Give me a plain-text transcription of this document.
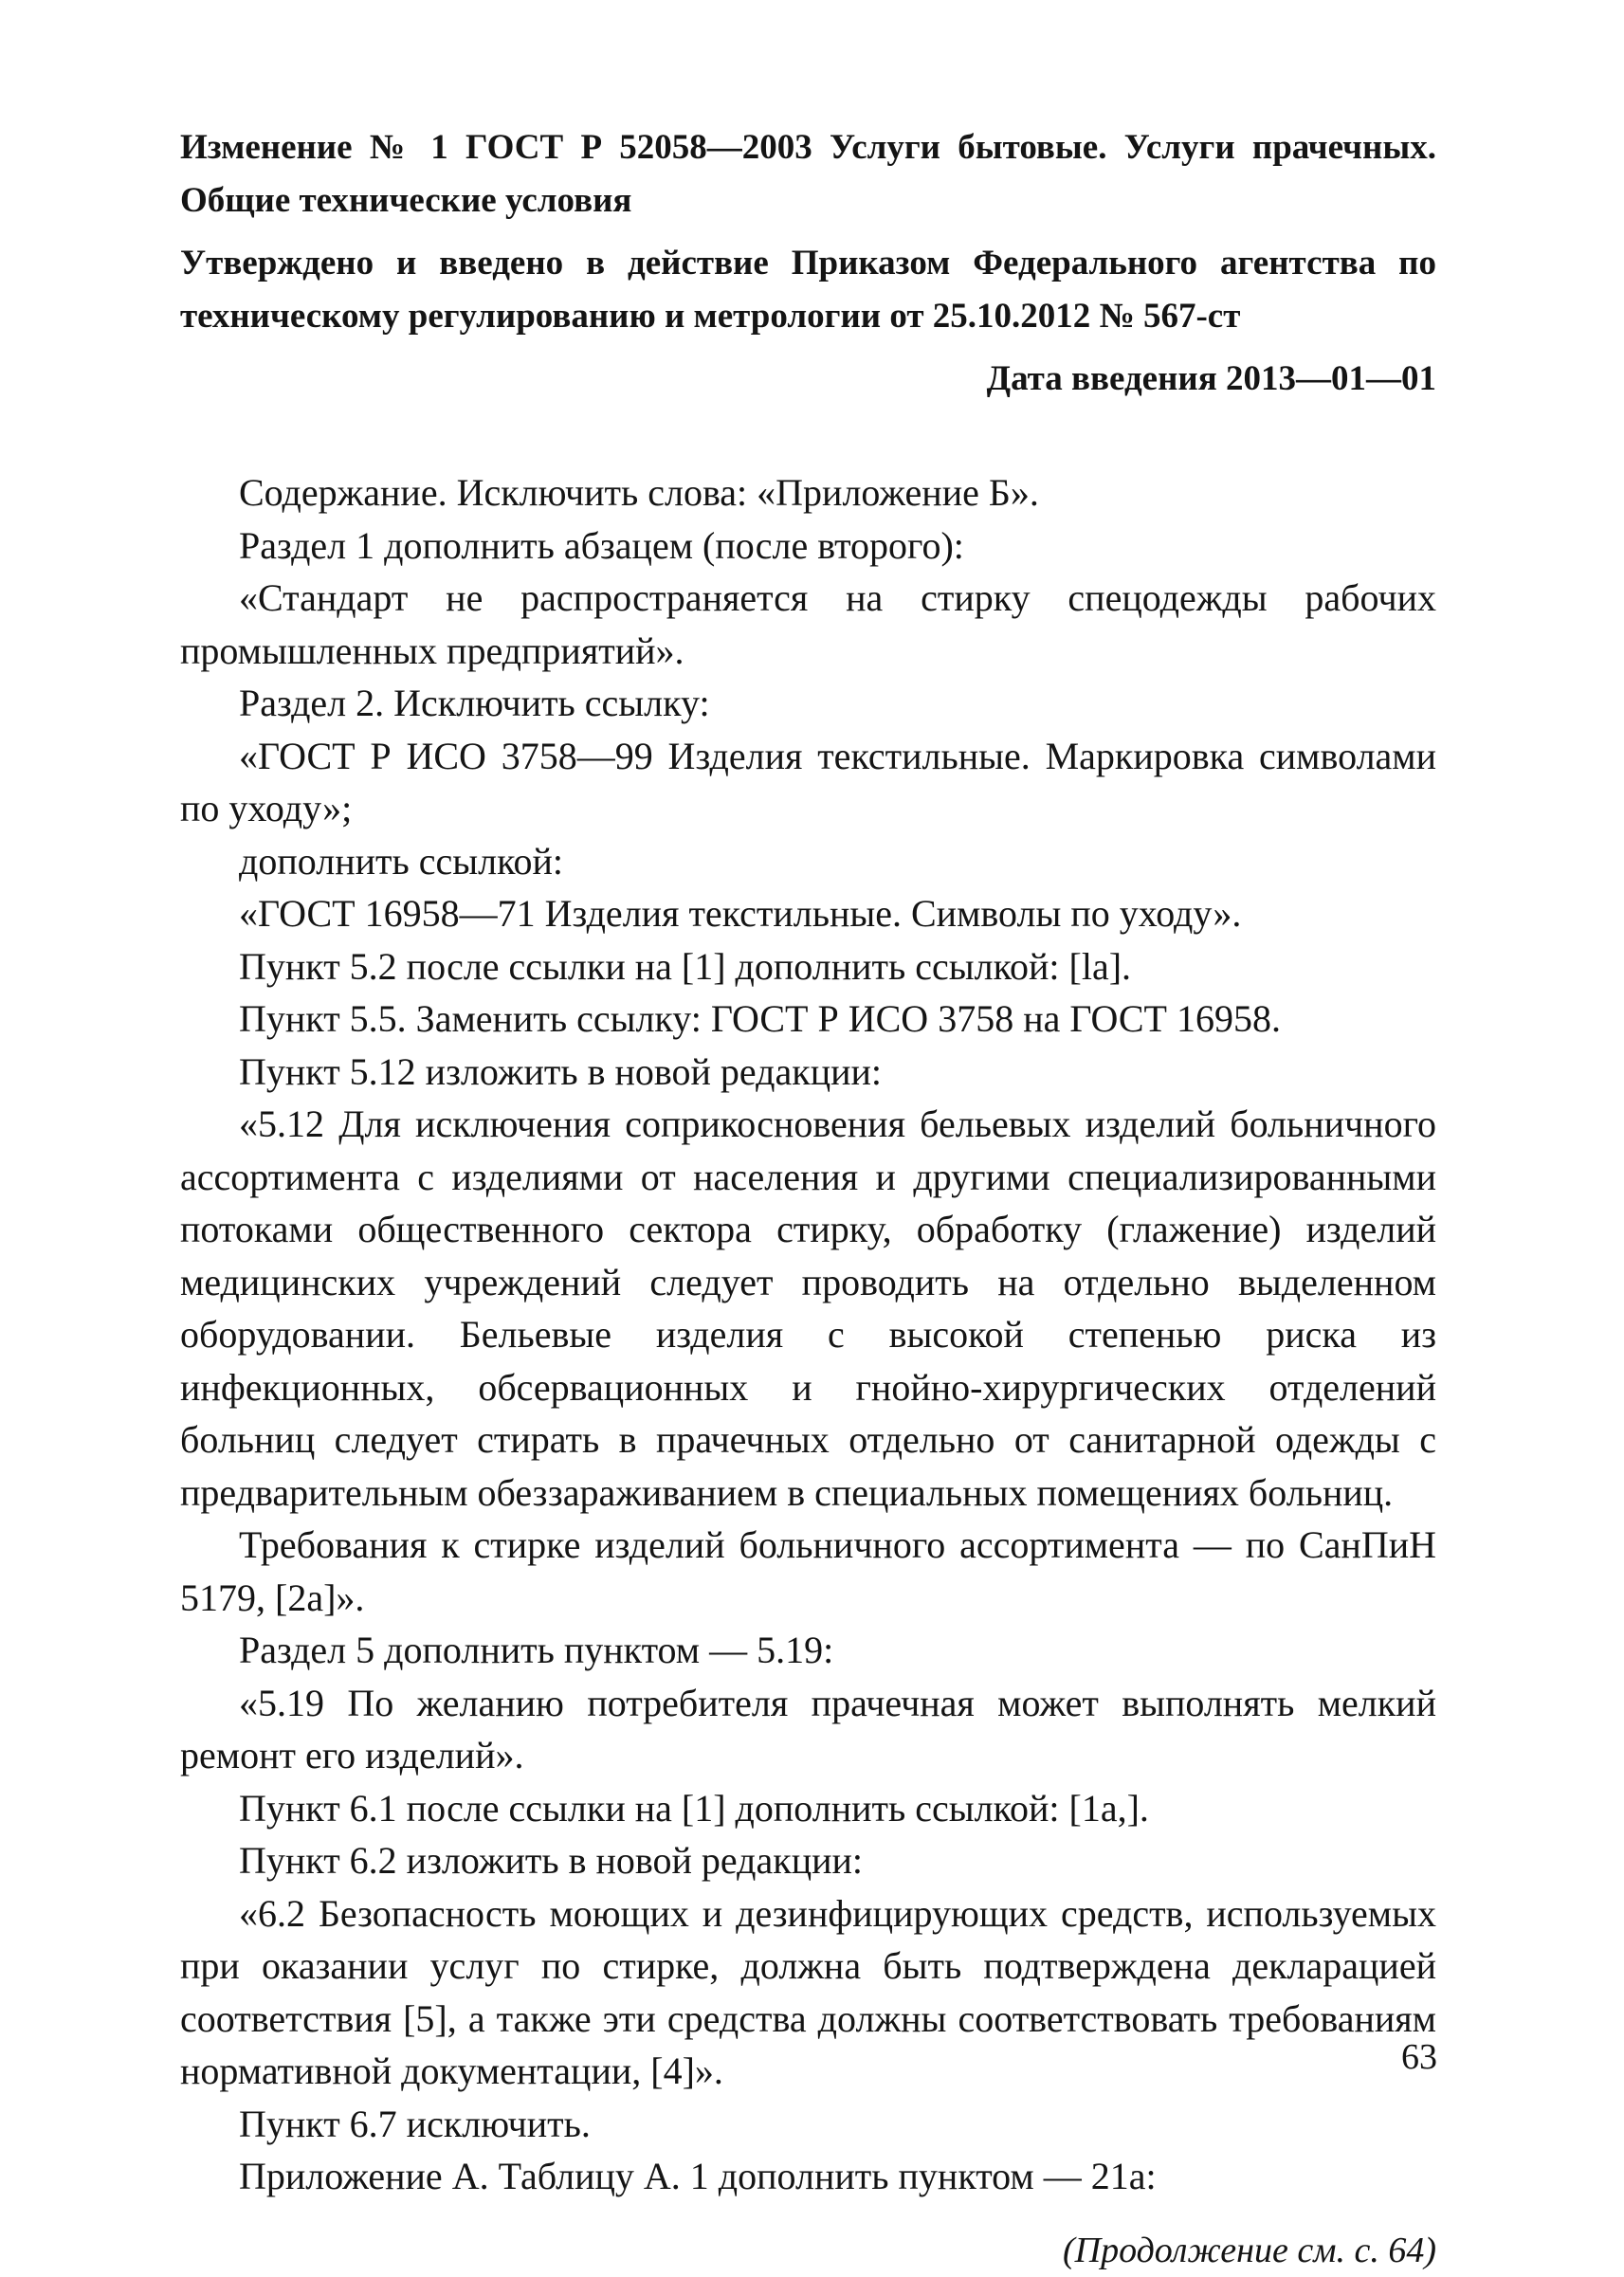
Изменение № 1 ГОСТ Р 52058—2003 Услуги бытовые. Услуги прачечных. Общие технические условия

Утверждено и введено в действие Приказом Федерального агентства по техническому регулированию и метрологии от 25.10.2012 № 567-ст

Дата введения 2013—01—01

Содержание. Исключить слова: «Приложение Б».

Раздел 1 дополнить абзацем (после второго):

«Стандарт не распространяется на стирку спецодежды рабочих промышленных предприятий».

Раздел 2. Исключить ссылку:

«ГОСТ Р ИСО 3758—99 Изделия текстильные. Маркировка символами по уходу»;

дополнить ссылкой:

«ГОСТ 16958—71 Изделия текстильные. Символы по уходу».

Пункт 5.2 после ссылки на [1] дополнить ссылкой: [la].

Пункт 5.5. Заменить ссылку: ГОСТ Р ИСО 3758 на ГОСТ 16958.

Пункт 5.12 изложить в новой редакции:

«5.12 Для исключения соприкосновения бельевых изделий больничного ассортимента с изделиями от населения и другими специализированными потоками общественного сектора стирку, обработку (глажение) изделий медицинских учреждений следует проводить на отдельно выделенном оборудовании. Бельевые изделия с высокой степенью риска из инфекционных, обсервационных и гнойно-хирургических отделений больниц следует стирать в прачечных отдельно от санитарной одежды с предварительным обеззараживанием в специальных помещениях больниц.

Требования к стирке изделий больничного ассортимента — по СанПиН 5179, [2а]».

Раздел 5 дополнить пунктом — 5.19:

«5.19 По желанию потребителя прачечная может выполнять мелкий ремонт его изделий».

Пункт 6.1 после ссылки на [1] дополнить ссылкой: [1а,].

Пункт 6.2 изложить в новой редакции:

«6.2 Безопасность моющих и дезинфицирующих средств, используемых при оказании услуг по стирке, должна быть подтверждена декларацией соответствия [5], а также эти средства должны соответствовать требованиям нормативной документации, [4]».

Пункт 6.7 исключить.

Приложение А. Таблицу А. 1 дополнить пунктом — 21а:

(Продолжение см. с. 64)
63
